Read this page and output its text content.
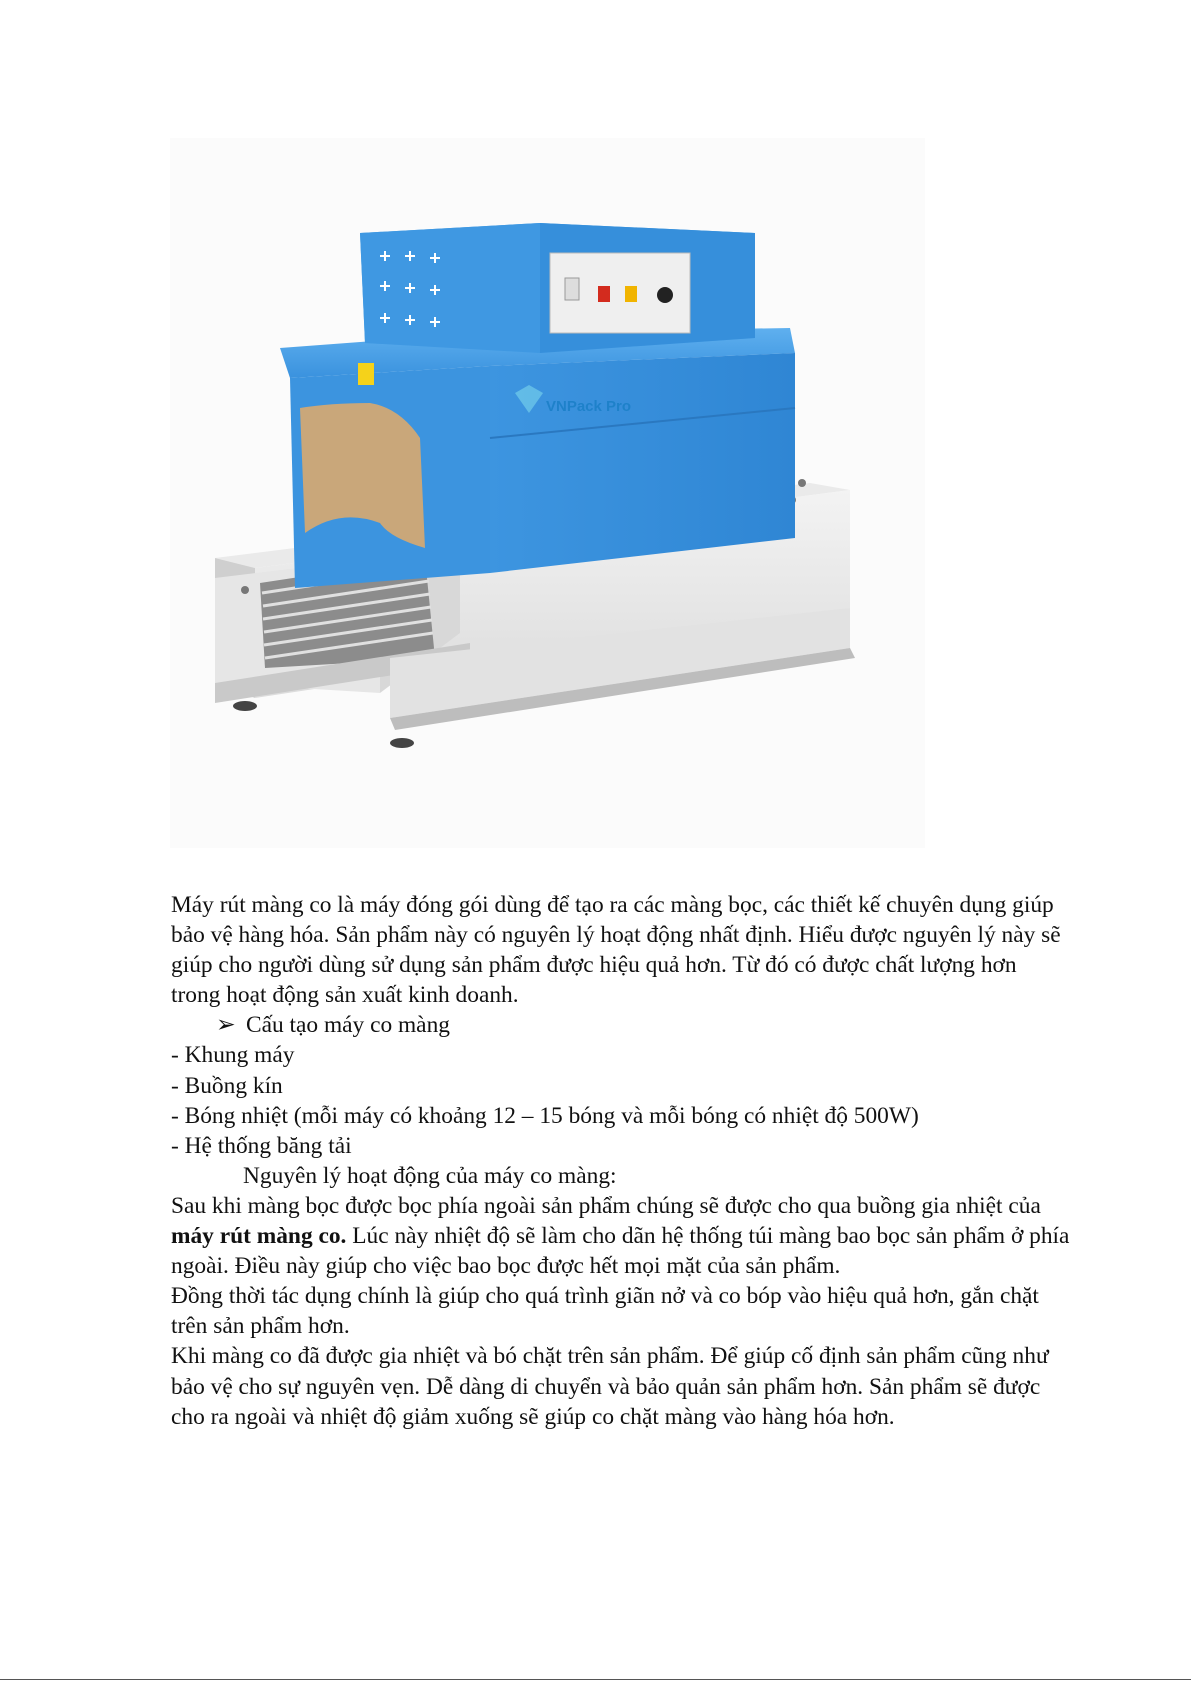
VNPack Pro

Máy rút màng co là máy đóng gói dùng để tạo ra các màng bọc, các thiết kế chuyên dụng giúp bảo vệ hàng hóa. Sản phẩm này có nguyên lý hoạt động nhất định. Hiểu được nguyên lý này sẽ giúp cho người dùng sử dụng sản phẩm được hiệu quả hơn. Từ đó có được chất lượng hơn trong hoạt động sản xuất kinh doanh.

➢ Cấu tạo máy co màng

- Khung máy

- Buồng kín

- Bóng nhiệt (mỗi máy có khoảng 12 – 15 bóng và mỗi bóng có nhiệt độ 500W)

- Hệ thống băng tải

Nguyên lý hoạt động của máy co màng:

Sau khi màng bọc được bọc phía ngoài sản phẩm chúng sẽ được cho qua buồng gia nhiệt của máy rút màng co. Lúc này nhiệt độ sẽ làm cho dãn hệ thống túi màng bao bọc sản phẩm ở phía ngoài. Điều này giúp cho việc bao bọc được hết mọi mặt của sản phẩm.

Đồng thời tác dụng chính là giúp cho quá trình giãn nở và co bóp vào hiệu quả hơn, gắn chặt trên sản phẩm hơn.

Khi màng co đã được gia nhiệt và bó chặt trên sản phẩm. Để giúp cố định sản phẩm cũng như bảo vệ cho sự nguyên vẹn. Dễ dàng di chuyển và bảo quản sản phẩm hơn. Sản phẩm sẽ được cho ra ngoài và nhiệt độ giảm xuống sẽ giúp co chặt màng vào hàng hóa hơn.
